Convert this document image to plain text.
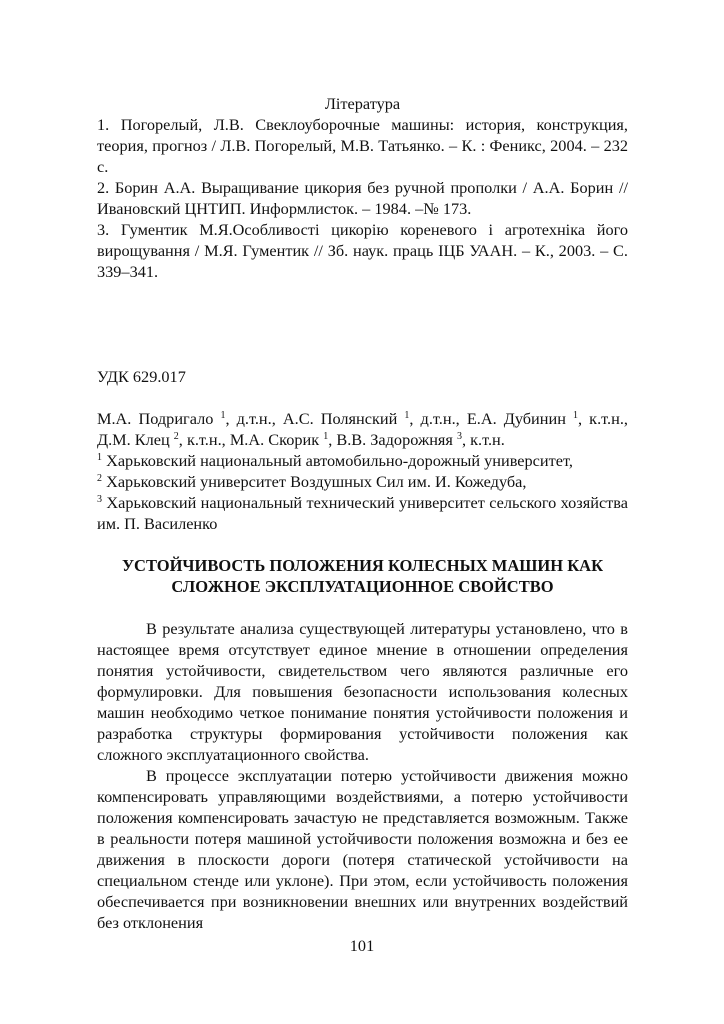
Література
1. Погорелый, Л.В. Свеклоуборочные машины: история, конструкция, теория, прогноз / Л.В. Погорелый, М.В. Татьянко. – К. : Феникс, 2004. – 232 с.
2. Борин А.А. Выращивание цикория без ручной прополки / А.А. Борин // Ивановский ЦНТИП. Информлисток. – 1984. –№ 173.
3. Гументик М.Я.Особливості цикорію кореневого і агротехніка його вирощування / М.Я. Гументик // Зб. наук. праць ІЦБ УААН. – К., 2003. – С. 339–341.
УДК 629.017
М.А. Подригало $^1$, д.т.н., А.С. Полянский $^1$, д.т.н., Е.А. Дубинин $^1$, к.т.н., Д.М. Клец $^2$, к.т.н., М.А. Скорик $^1$, В.В. Задорожняя $^3$, к.т.н.
$^1$ Харьковский национальный автомобильно-дорожный университет,
$^2$ Харьковский университет Воздушных Сил им. И. Кожедуба,
$^3$ Харьковский национальный технический университет сельского хозяйства им. П. Василенко
УСТОЙЧИВОСТЬ ПОЛОЖЕНИЯ КОЛЕСНЫХ МАШИН КАК
СЛОЖНОЕ ЭКСПЛУАТАЦИОННОЕ СВОЙСТВО
В результате анализа существующей литературы установлено, что в настоящее время отсутствует единое мнение в отношении определения понятия устойчивости, свидетельством чего являются различные его формулировки. Для повышения безопасности использования колесных машин необходимо четкое понимание понятия устойчивости положения и разработка структуры формирования устойчивости положения как сложного эксплуатационного свойства.
В процессе эксплуатации потерю устойчивости движения можно компенсировать управляющими воздействиями, а потерю устойчивости положения компенсировать зачастую не представляется возможным. Также в реальности потеря машиной устойчивости положения возможна и без ее движения в плоскости дороги (потеря статической устойчивости на специальном стенде или уклоне). При этом, если устойчивость положения обеспечивается при возникновении внешних или внутренних воздействий без отклонения
101
